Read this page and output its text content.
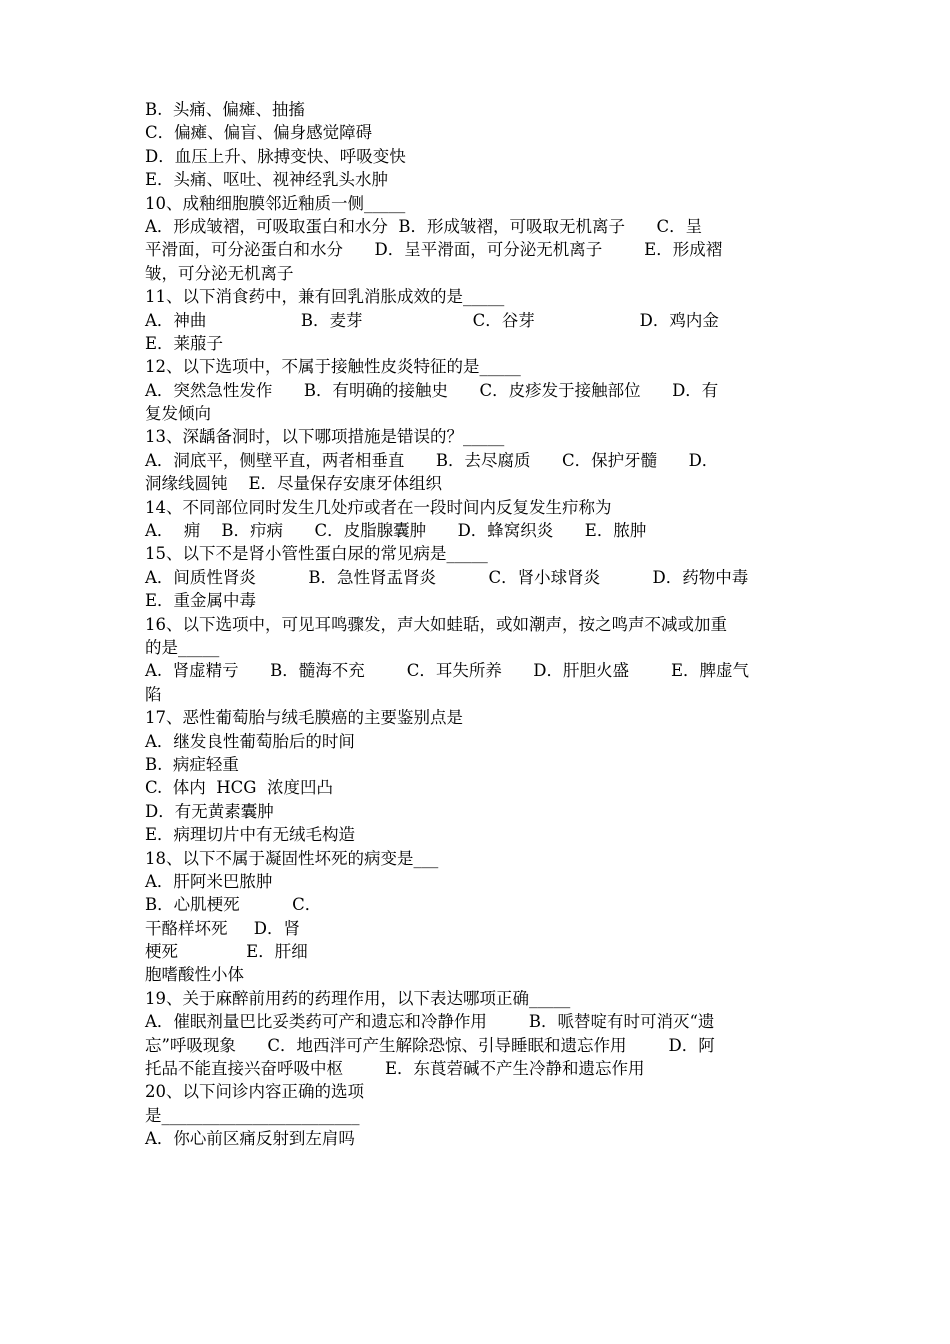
B.  头痛、偏瘫、抽搐
C．偏瘫、偏盲、偏身感觉障碍
D．血压上升、脉搏变快、呼吸变快
E．头痛、呕吐、视神经乳头水肿
10、成釉细胞膜邻近釉质一侧_____
A．形成皱褶，可吸取蛋白和水分  B．形成皱褶，可吸取无机离子      C．呈
平滑面，可分泌蛋白和水分      D．呈平滑面，可分泌无机离子        E．形成褶
皱，可分泌无机离子
11、以下消食药中，兼有回乳消胀成效的是_____
A．神曲                  B．麦芽                     C．谷芽                    D．鸡内金
E．莱菔子
12、以下选项中，不属于接触性皮炎特征的是_____
A．突然急性发作      B．有明确的接触史      C．皮疹发于接触部位      D．有
复发倾向
13、深龋备洞时，以下哪项措施是错误的？_____
A．洞底平，侧壁平直，两者相垂直      B．去尽腐质      C．保护牙髓      D．
洞缘线圆钝    E．尽量保存安康牙体组织
14、不同部位同时发生几处疖或者在一段时间内反复发生疖称为
A．  痈    B．疖病      C．皮脂腺囊肿      D．蜂窝织炎      E．脓肿
15、以下不是肾小管性蛋白尿的常见病是_____
A．间质性肾炎          B．急性肾盂肾炎          C．肾小球肾炎          D．药物中毒
E．重金属中毒
16、以下选项中，可见耳鸣骤发，声大如蛙聒，或如潮声，按之鸣声不减或加重
的是_____
A.  肾虚精亏      B．髓海不充        C．耳失所养      D．肝胆火盛        E．脾虚气
陷
17、恶性葡萄胎与绒毛膜癌的主要鉴别点是
A．继发良性葡萄胎后的时间
B.  病症轻重
C.  体内  HCG  浓度凹凸
D．有无黄素囊肿
E．病理切片中有无绒毛构造
18、以下不属于凝固性坏死的病变是___
A．肝阿米巴脓肿
B．心肌梗死          C．
干酪样坏死     D．肾
梗死             E．肝细
胞嗜酸性小体
19、关于麻醉前用药的药理作用，以下表达哪项正确_____
A．催眠剂量巴比妥类药可产和遗忘和冷静作用        B．哌替啶有时可消灭“遗
忘”呼吸现象      C．地西泮可产生解除恐惊、引导睡眠和遗忘作用        D．阿
托品不能直接兴奋呼吸中枢        E．东莨菪碱不产生冷静和遗忘作用
20、以下问诊内容正确的选项
是________________________
A．你心前区痛反射到左肩吗
